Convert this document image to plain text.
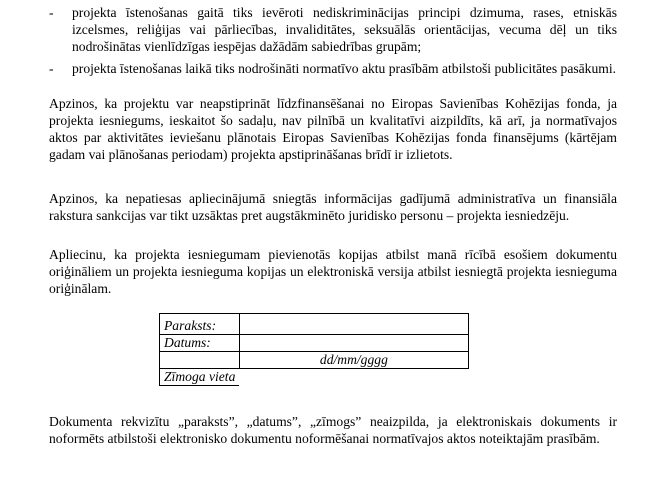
- projekta īstenošanas gaitā tiks ievēroti nediskriminācijas principi dzimuma, rases, etniskās izcelsmes, reliģijas vai pārliecības, invaliditātes, seksuālās orientācijas, vecuma dēļ un tiks nodrošinātas vienlīdzīgas iespējas dažādām sabiedrības grupām;
- projekta īstenošanas laikā tiks nodrošināti normatīvo aktu prasībām atbilstoši publicitātes pasākumi.

Apzinos, ka projektu var neapstiprināt līdzfinansēšanai no Eiropas Savienības Kohēzijas fonda, ja projekta iesniegums, ieskaitot šo sadaļu, nav pilnībā un kvalitatīvi aizpildīts, kā arī, ja normatīvajos aktos par aktivitātes ieviešanu plānotais Eiropas Savienības Kohēzijas fonda finansējums (kārtējam gadam vai plānošanas periodam) projekta apstiprināšanas brīdī ir izlietots.

Apzinos, ka nepatiesas apliecinājumā sniegtās informācijas gadījumā administratīva un finansiāla rakstura sankcijas var tikt uzsāktas pret augstākminēto juridisko personu – projekta iesniedzēju.

Apliecinu, ka projekta iesniegumam pievienotās kopijas atbilst manā rīcībā esošiem dokumentu oriģināliem un projekta iesnieguma kopijas un elektroniskā versija atbilst iesniegtā projekta iesnieguma oriģinālam.

Paraksts:	
Datums:	
	dd/mm/gggg
Zīmoga vieta	

Dokumenta rekvizītu „paraksts”, „datums”, „zīmogs” neaizpilda, ja elektroniskais dokuments ir noformēts atbilstoši elektronisko dokumentu noformēšanai normatīvajos aktos noteiktajām prasībām.
